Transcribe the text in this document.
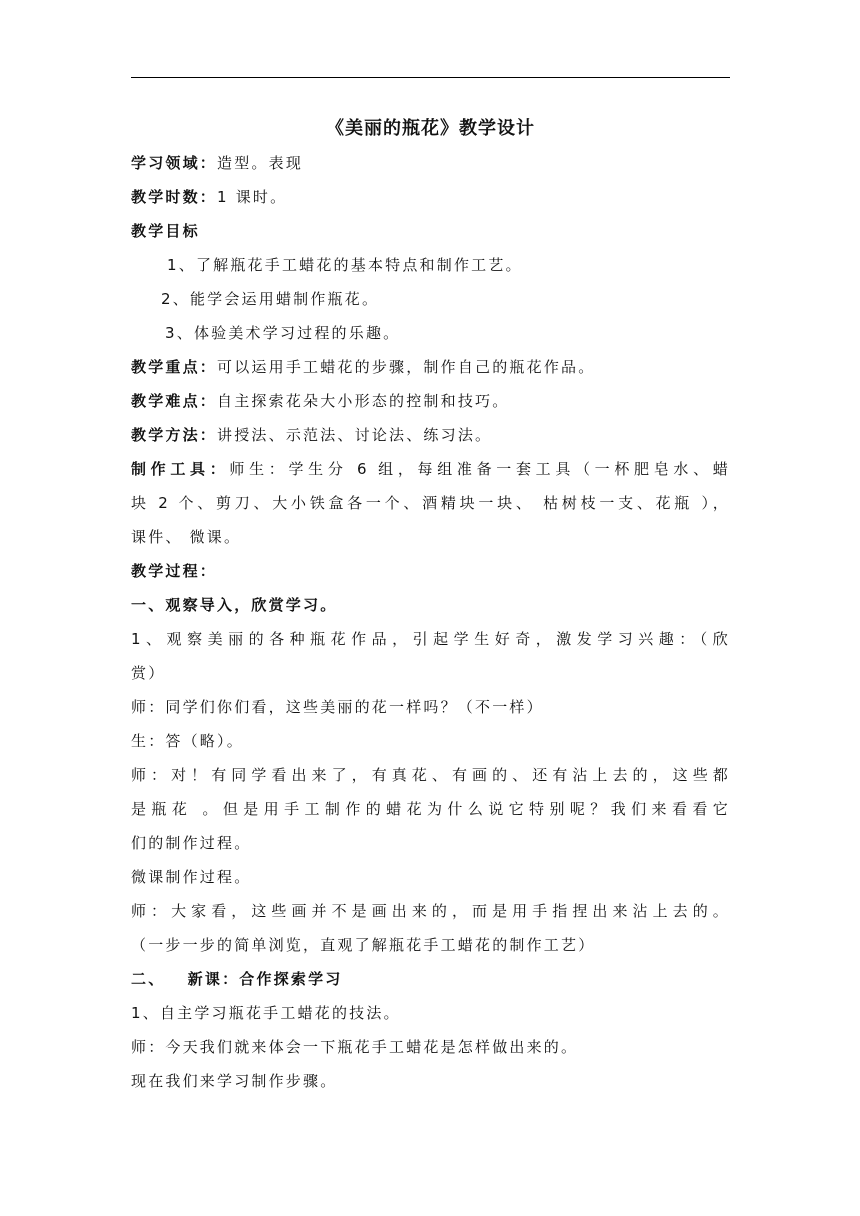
《美丽的瓶花》教学设计

学习领域：造型。表现

教学时数：1 课时。

教学目标

1、了解瓶花手工蜡花的基本特点和制作工艺。

2、能学会运用蜡制作瓶花。

3、体验美术学习过程的乐趣。

教学重点：可以运用手工蜡花的步骤，制作自己的瓶花作品。

教学难点：自主探索花朵大小形态的控制和技巧。

教学方法：讲授法、示范法、讨论法、练习法。

制作工具：师生：学生分 6 组，每组准备一套工具（一杯肥皂水、蜡

块 2 个、剪刀、大小铁盒各一个、酒精块一块、 枯树枝一支、花瓶 ），

课件、 微课。

教学过程：

一、观察导入，欣赏学习。

1、观察美丽的各种瓶花作品，引起学生好奇，激发学习兴趣：（欣

赏）

师：同学们你们看，这些美丽的花一样吗？（不一样）

生：答（略）。

师：对！有同学看出来了，有真花、有画的、还有沾上去的，这些都

是瓶花 。但是用手工制作的蜡花为什么说它特别呢？我们来看看它

们的制作过程。

微课制作过程。

师：大家看，这些画并不是画出来的，而是用手指捏出来沾上去的。

（一步一步的简单浏览，直观了解瓶花手工蜡花的制作工艺）

二、   新课：合作探索学习

1、自主学习瓶花手工蜡花的技法。

师：今天我们就来体会一下瓶花手工蜡花是怎样做出来的。

现在我们来学习制作步骤。
